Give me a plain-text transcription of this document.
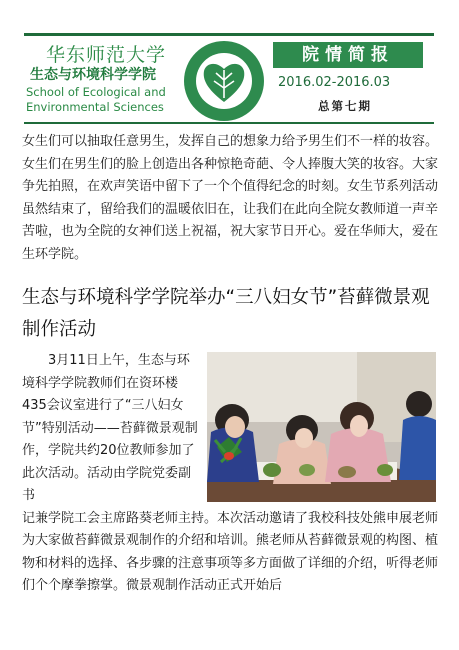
华东师范大学
生态与环境科学学院
School of Ecological and
Environmental Sciences
院情简报
2016.02-2016.03
总第七期
女生们可以抽取任意男生，发挥自己的想象力给予男生们不一样的妆容。女生们在男生们的脸上创造出各种惊艳奇葩、令人捧腹大笑的妆容。大家争先拍照，在欢声笑语中留下了一个个值得纪念的时刻。女生节系列活动虽然结束了，留给我们的温暖依旧在，让我们在此向全院女教师道一声辛苦啦，也为全院的女神们送上祝福，祝大家节日开心。爱在华师大，爱在生环学院。
生态与环境科学学院举办“三八妇女节”苔藓微景观制作活动
3月11日上午，生态与环境科学学院教师们在资环楼435会议室进行了“三八妇女节”特别活动——苔藓微景观制作，学院共约20位教师参加了此次活动。活动由学院党委副书
记兼学院工会主席路葵老师主持。本次活动邀请了我校科技处熊申展老师为大家做苔藓微景观制作的介绍和培训。熊老师从苔藓微景观的构图、植物和材料的选择、各步骤的注意事项等多方面做了详细的介绍，听得老师们个个摩拳擦掌。微景观制作活动正式开始后
